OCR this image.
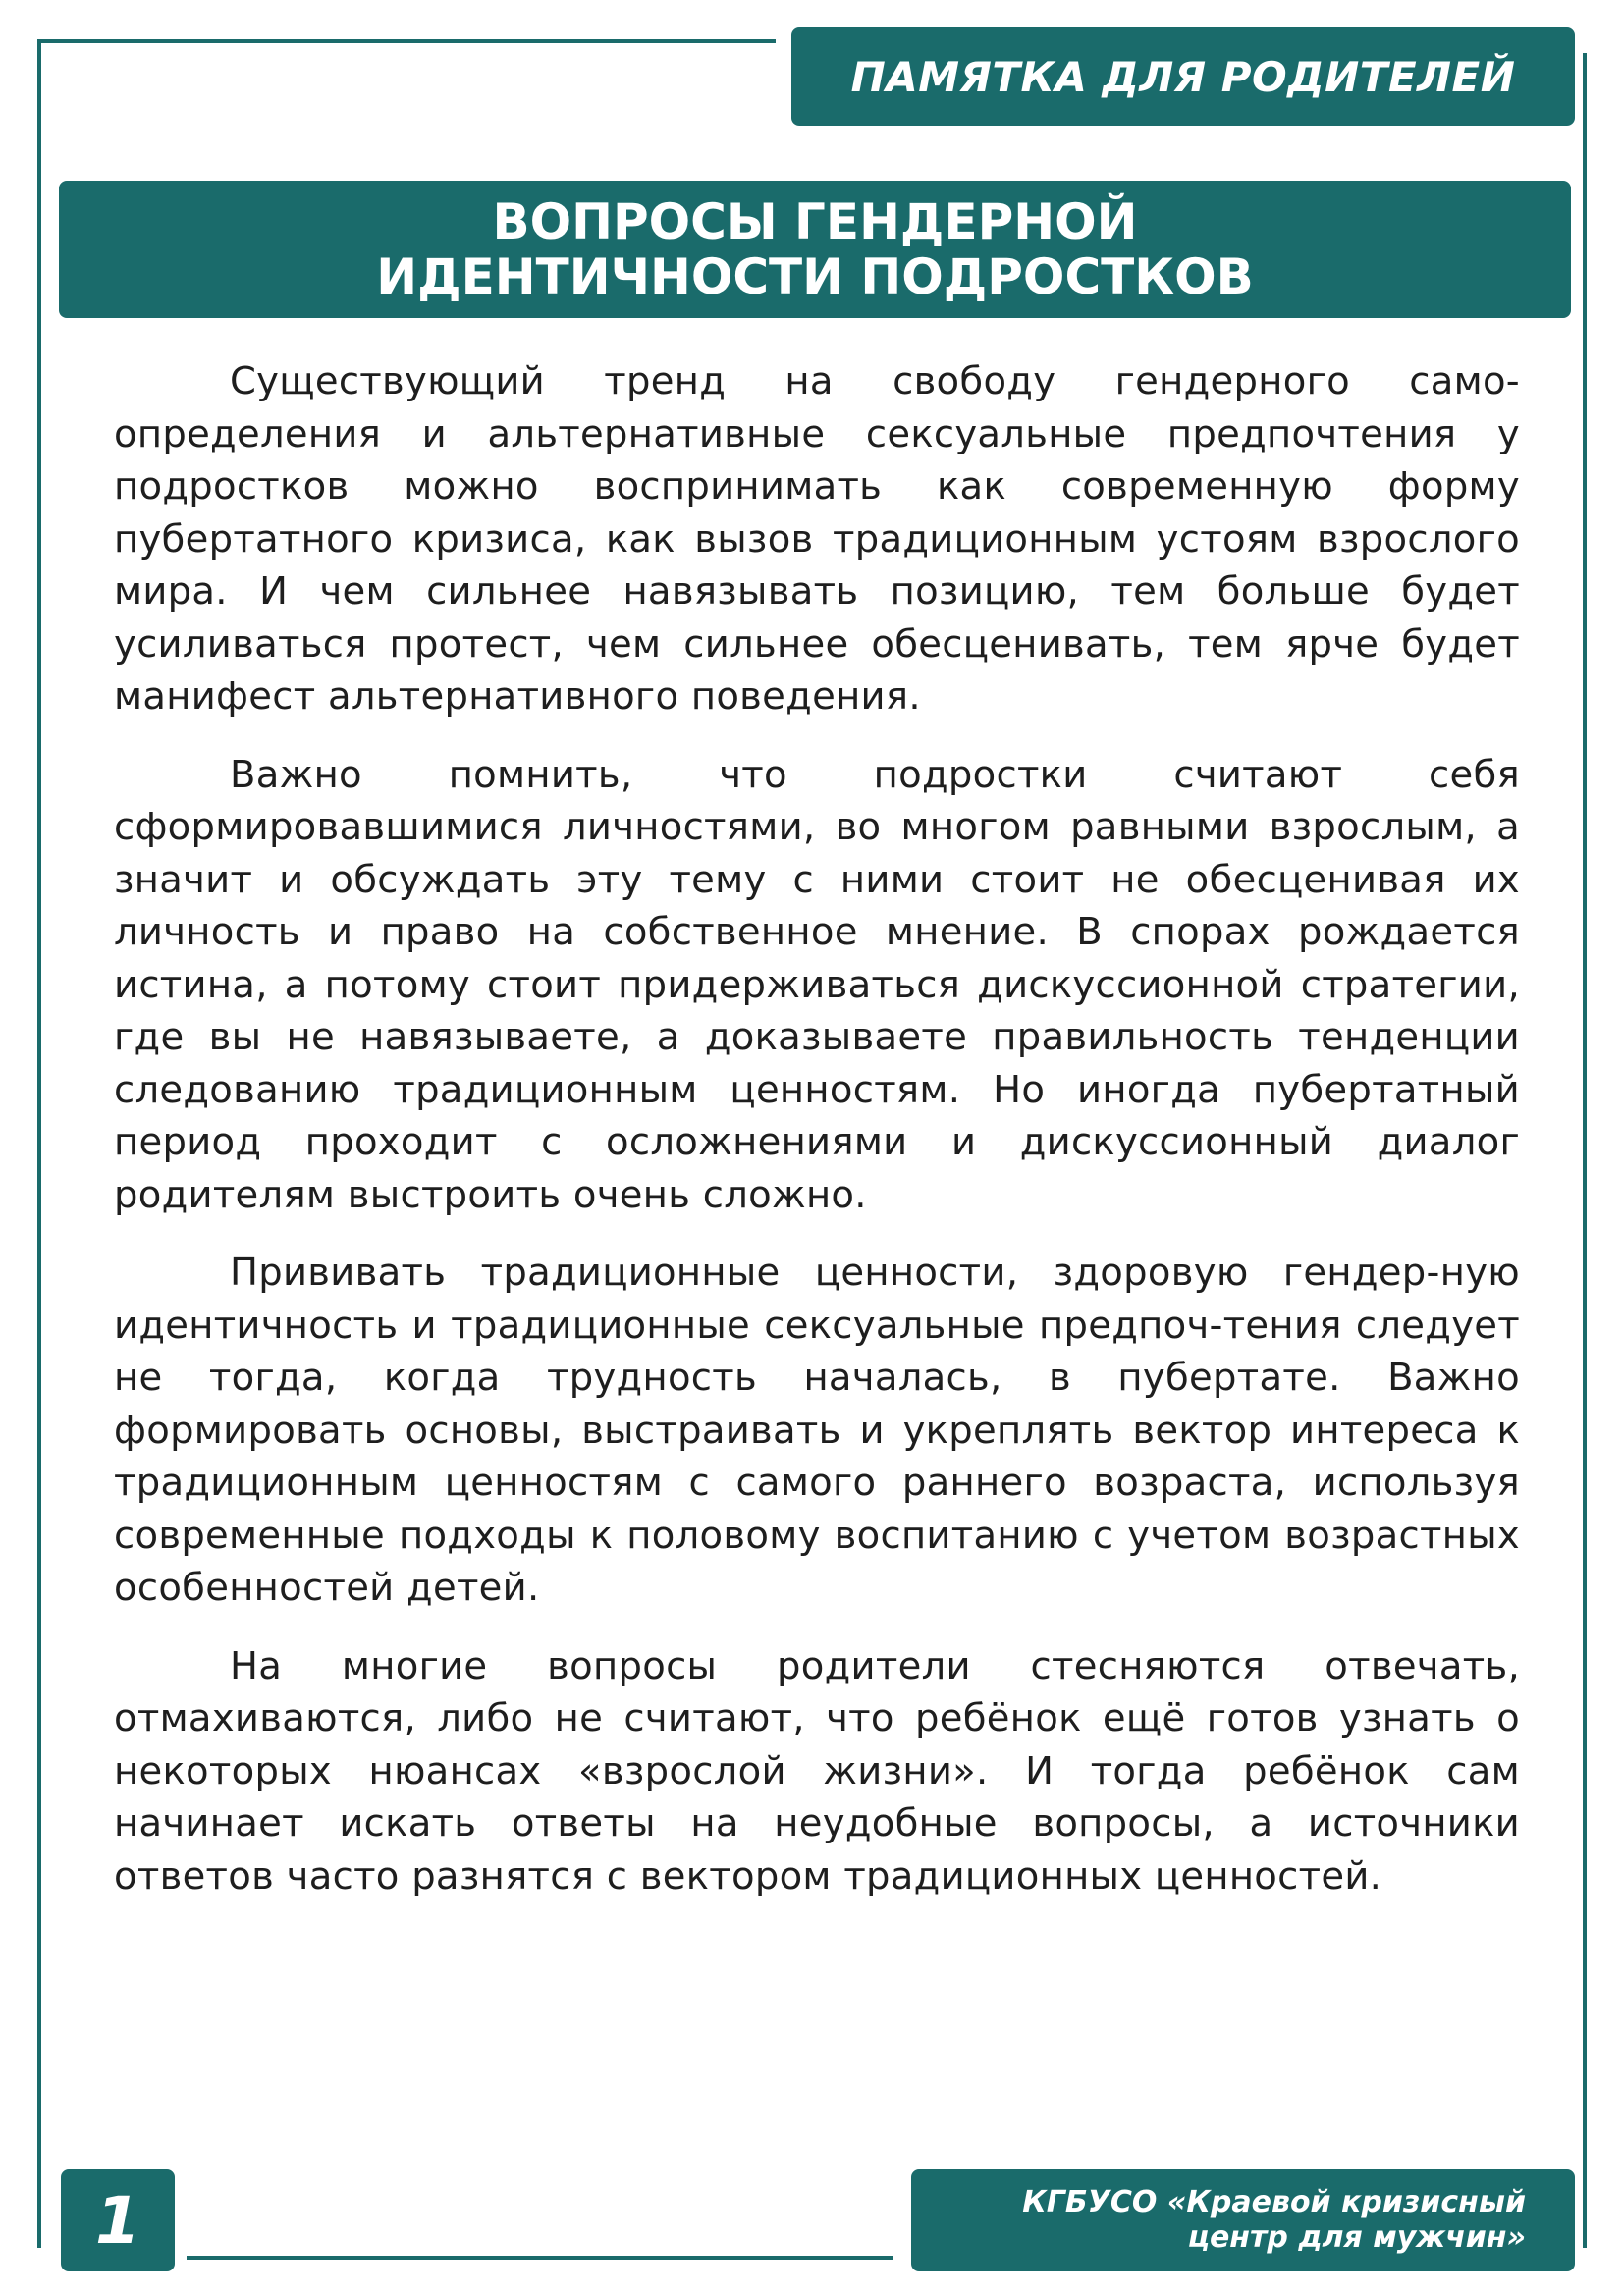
ПАМЯТКА ДЛЯ РОДИТЕЛЕЙ
ВОПРОСЫ ГЕНДЕРНОЙ
ИДЕНТИЧНОСТИ ПОДРОСТКОВ

Существующий тренд на свободу гендерного само-определения и альтернативные сексуальные предпочтения у подростков можно воспринимать как современную форму пубертатного кризиса, как вызов традиционным устоям взрослого мира. И чем сильнее навязывать позицию, тем больше будет усиливаться протест, чем сильнее обесценивать, тем ярче будет манифест альтернативного поведения.

Важно помнить, что подростки считают себя сформировавшимися личностями, во многом равными взрослым, а значит и обсуждать эту тему с ними стоит не обесценивая их личность и право на собственное мнение. В спорах рождается истина, а потому стоит придерживаться дискуссионной стратегии, где вы не навязываете, а доказываете правильность тенденции следованию традиционным ценностям. Но иногда пубертатный период проходит с осложнениями и дискуссионный диалог родителям выстроить очень сложно.

Прививать традиционные ценности, здоровую гендер-ную идентичность и традиционные сексуальные предпоч-тения следует не тогда, когда трудность началась, в пубертате. Важно формировать основы, выстраивать и укреплять вектор интереса к традиционным ценностям с самого раннего возраста, используя современные подходы к половому воспитанию с учетом возрастных особенностей детей.

На многие вопросы родители стесняются отвечать, отмахиваются, либо не считают, что ребёнок ещё готов узнать о некоторых нюансах «взрослой жизни». И тогда ребёнок сам начинает искать ответы на неудобные вопросы, а источники ответов часто разнятся с вектором традиционных ценностей.

1	КГБУСО «Краевой кризисный
центр для мужчин»
